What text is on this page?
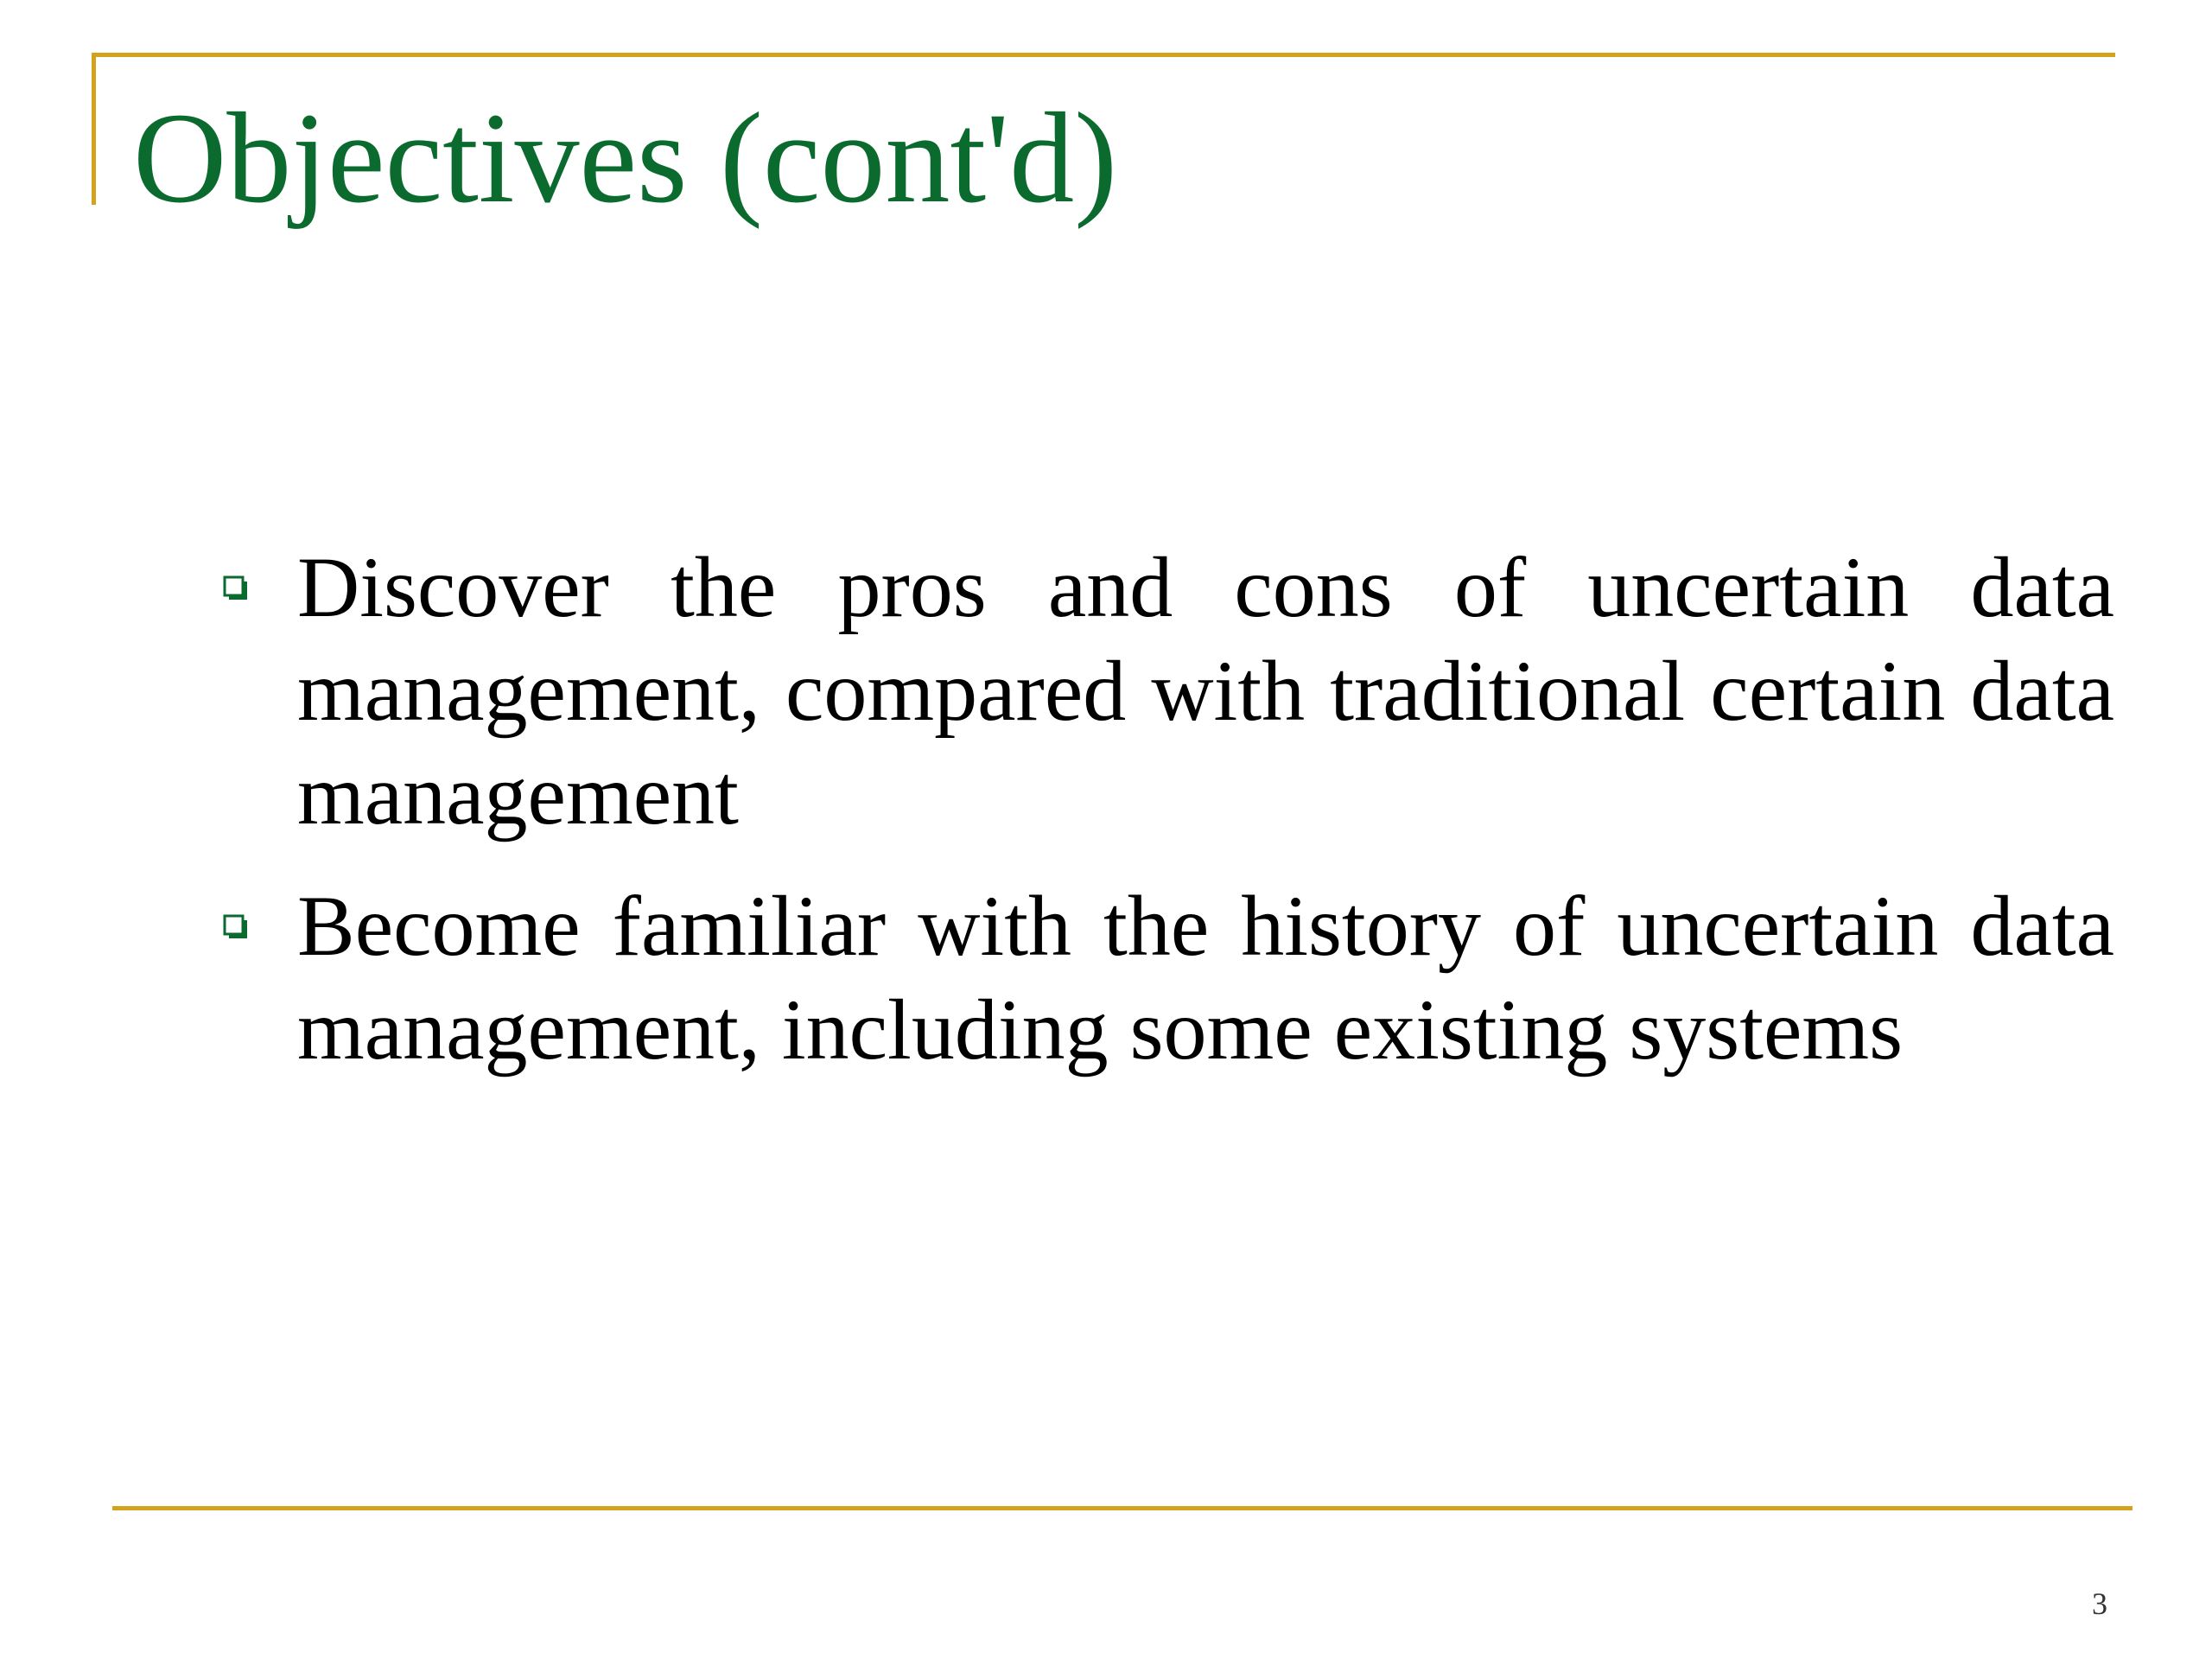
Objectives (cont'd)
Discover the pros and cons of uncertain data management, compared with traditional certain data management
Become familiar with the history of uncertain data management, including some existing systems
3
